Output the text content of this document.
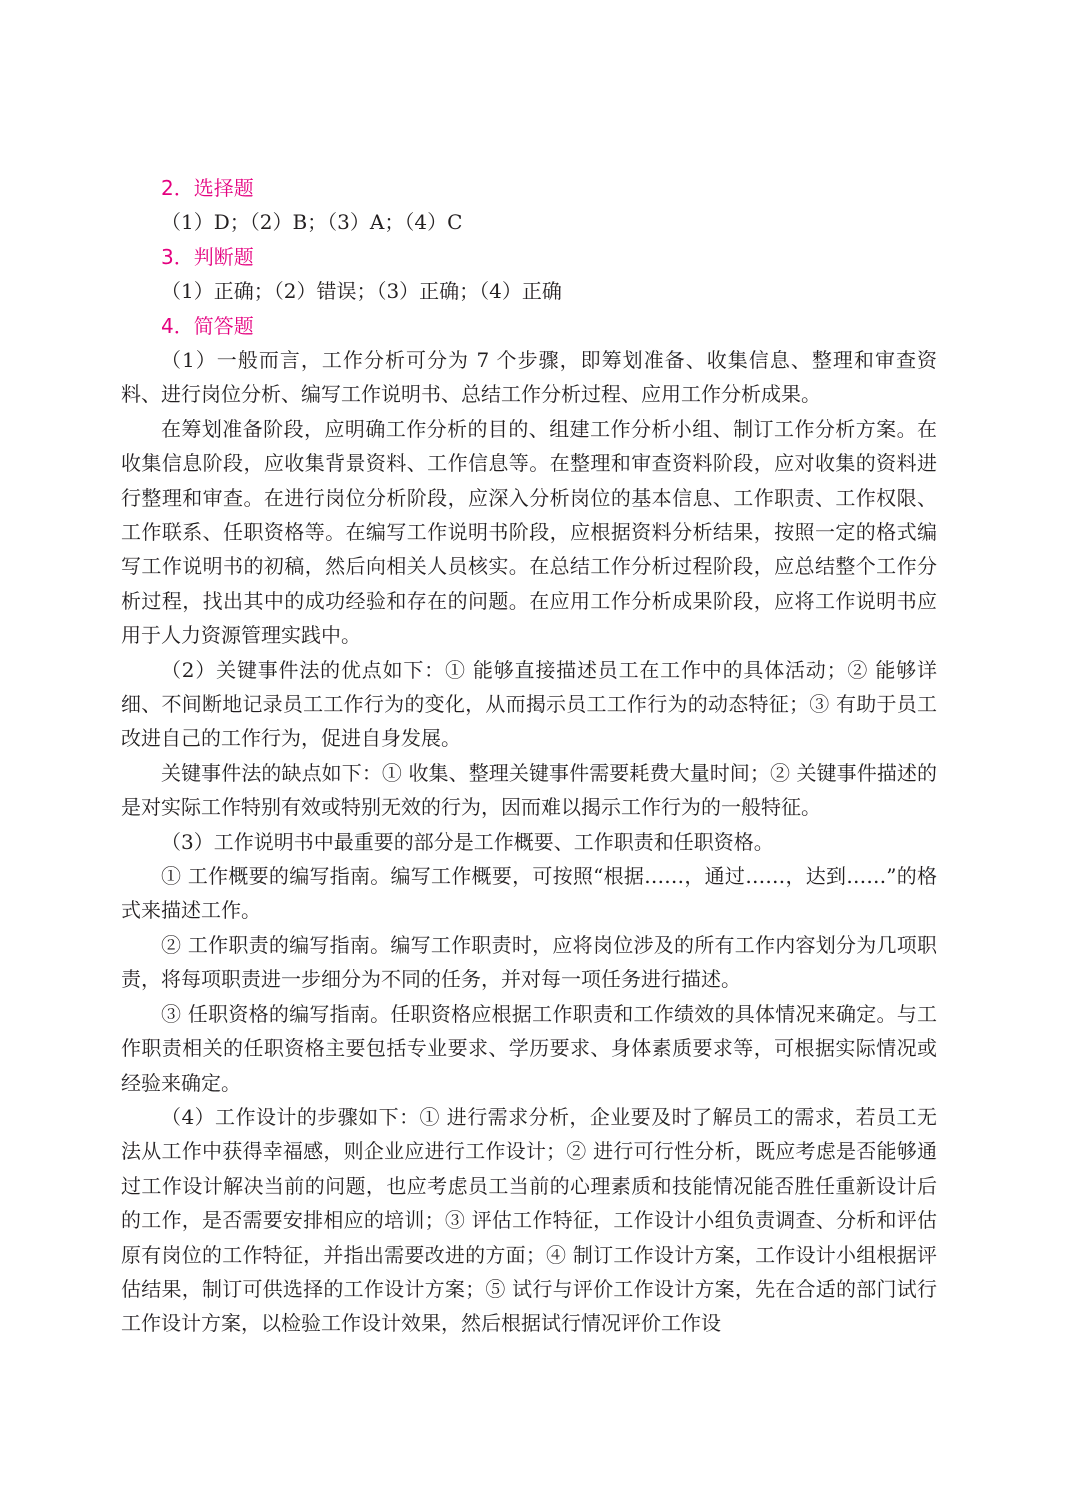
2．选择题
（1）D；（2）B；（3）A；（4）C
3．判断题
（1）正确；（2）错误；（3）正确；（4）正确
4．简答题

（1）一般而言，工作分析可分为 7 个步骤，即筹划准备、收集信息、整理和审查资料、进行岗位分析、编写工作说明书、总结工作分析过程、应用工作分析成果。

在筹划准备阶段，应明确工作分析的目的、组建工作分析小组、制订工作分析方案。在收集信息阶段，应收集背景资料、工作信息等。在整理和审查资料阶段，应对收集的资料进行整理和审查。在进行岗位分析阶段，应深入分析岗位的基本信息、工作职责、工作权限、工作联系、任职资格等。在编写工作说明书阶段，应根据资料分析结果，按照一定的格式编写工作说明书的初稿，然后向相关人员核实。在总结工作分析过程阶段，应总结整个工作分析过程，找出其中的成功经验和存在的问题。在应用工作分析成果阶段，应将工作说明书应用于人力资源管理实践中。

（2）关键事件法的优点如下：① 能够直接描述员工在工作中的具体活动；② 能够详细、不间断地记录员工工作行为的变化，从而揭示员工工作行为的动态特征；③ 有助于员工改进自己的工作行为，促进自身发展。

关键事件法的缺点如下：① 收集、整理关键事件需要耗费大量时间；② 关键事件描述的是对实际工作特别有效或特别无效的行为，因而难以揭示工作行为的一般特征。

（3）工作说明书中最重要的部分是工作概要、工作职责和任职资格。

① 工作概要的编写指南。编写工作概要，可按照“根据……，通过……，达到……”的格式来描述工作。

② 工作职责的编写指南。编写工作职责时，应将岗位涉及的所有工作内容划分为几项职责，将每项职责进一步细分为不同的任务，并对每一项任务进行描述。

③ 任职资格的编写指南。任职资格应根据工作职责和工作绩效的具体情况来确定。与工作职责相关的任职资格主要包括专业要求、学历要求、身体素质要求等，可根据实际情况或经验来确定。

（4）工作设计的步骤如下：① 进行需求分析，企业要及时了解员工的需求，若员工无法从工作中获得幸福感，则企业应进行工作设计；② 进行可行性分析，既应考虑是否能够通过工作设计解决当前的问题，也应考虑员工当前的心理素质和技能情况能否胜任重新设计后的工作，是否需要安排相应的培训；③ 评估工作特征，工作设计小组负责调查、分析和评估原有岗位的工作特征，并指出需要改进的方面；④ 制订工作设计方案，工作设计小组根据评估结果，制订可供选择的工作设计方案；⑤ 试行与评价工作设计方案，先在合适的部门试行工作设计方案，以检验工作设计效果，然后根据试行情况评价工作设
